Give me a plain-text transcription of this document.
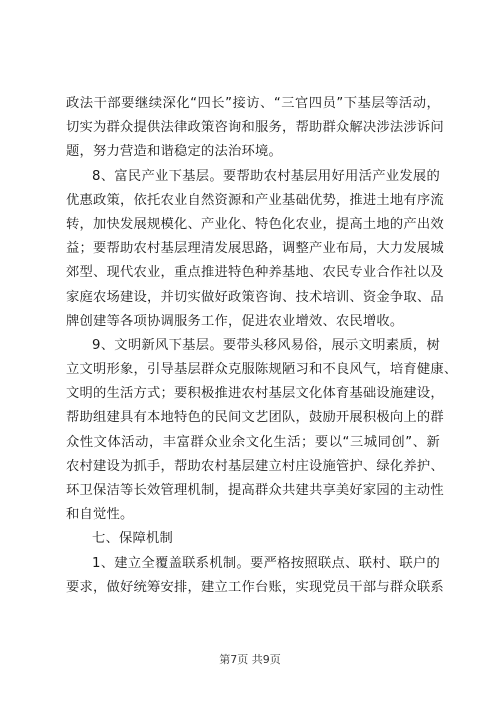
政法干部要继续深化“四长”接访、“三官四员”下基层等活动，
切实为群众提供法律政策咨询和服务，帮助群众解决涉法涉诉问
题，努力营造和谐稳定的法治环境。
8、富民产业下基层。要帮助农村基层用好用活产业发展的
优惠政策，依托农业自然资源和产业基础优势，推进土地有序流
转，加快发展规模化、产业化、特色化农业，提高土地的产出效
益；要帮助农村基层理清发展思路，调整产业布局，大力发展城
郊型、现代农业，重点推进特色种养基地、农民专业合作社以及
家庭农场建设，并切实做好政策咨询、技术培训、资金争取、品
牌创建等各项协调服务工作，促进农业增效、农民增收。
9、文明新风下基层。要带头移风易俗，展示文明素质，树
立文明形象，引导基层群众克服陈规陋习和不良风气，培育健康、
文明的生活方式；要积极推进农村基层文化体育基础设施建设，
帮助组建具有本地特色的民间文艺团队，鼓励开展积极向上的群
众性文体活动，丰富群众业余文化生活；要以“三城同创”、新
农村建设为抓手，帮助农村基层建立村庄设施管护、绿化养护、
环卫保洁等长效管理机制，提高群众共建共享美好家园的主动性
和自觉性。
七、保障机制
1、建立全覆盖联系机制。要严格按照联点、联村、联户的
要求，做好统筹安排，建立工作台账，实现党员干部与群众联系
第7页 共9页
